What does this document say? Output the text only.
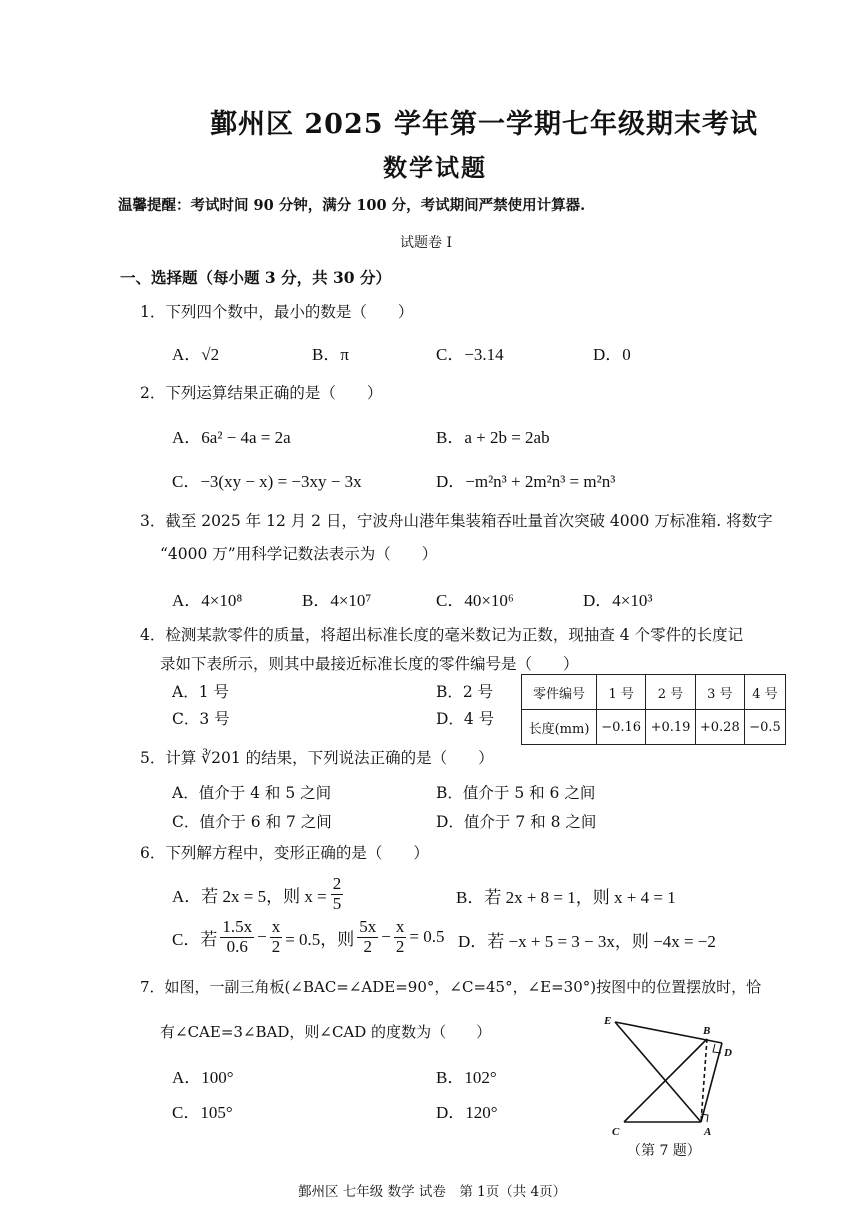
鄞州区 2025 学年第一学期七年级期末考试
数学试题
温馨提醒：考试时间 90 分钟，满分 100 分，考试期间严禁使用计算器.
试题卷 I
一、选择题（每小题 3 分，共 30 分）
1．下列四个数中，最小的数是（　　）
A．√2	B．π	C．−3.14	D．0
2．下列运算结果正确的是（　　）
A．6a² − 4a = 2a	B．a + 2b = 2ab
C．−3(xy − x) = −3xy − 3x	D．−m²n³ + 2m²n³ = m²n³
3．截至 2025 年 12 月 2 日，宁波舟山港年集装箱吞吐量首次突破 4000 万标准箱. 将数字
“4000 万”用科学记数法表示为（　　）
A．4×10⁸	B．4×10⁷	C．40×10⁶	D．4×10³
4．检测某款零件的质量，将超出标准长度的毫米数记为正数，现抽查 4 个零件的长度记
录如下表所示，则其中最接近标准长度的零件编号是（　　）
A．1 号	B．2 号
C．3 号	D．4 号
零件编号	1 号	2 号	3 号	4 号
长度(mm)	−0.16	+0.19	+0.28	−0.5
5．计算 ∛201 的结果，下列说法正确的是（　　）
A．值介于 4 和 5 之间	B．值介于 5 和 6 之间
C．值介于 6 和 7 之间	D．值介于 7 和 8 之间
6．下列解方程中，变形正确的是（　　）
A．若 2x = 5，则 $x = \frac{2}{5}$	B．若 2x + 8 = 1，则 x + 4 = 1
C．若 $\frac{1.5x}{0.6} - \frac{x}{2} = 0.5$，则 $\frac{5x}{2} - \frac{x}{2} = 0.5$ D．若 −x + 5 = 3 − 3x，则 −4x = −2
7．如图，一副三角板(∠BAC=∠ADE=90°，∠C=45°，∠E=30°)按图中的位置摆放时，恰
有∠CAE=3∠BAD，则∠CAD 的度数为（　　）
A．100°	B．102°
C．105°	D．120°
E
B
D
C	A
（第 7 题）
鄞州区 七年级 数学 试卷　第 1页（共 4页）
